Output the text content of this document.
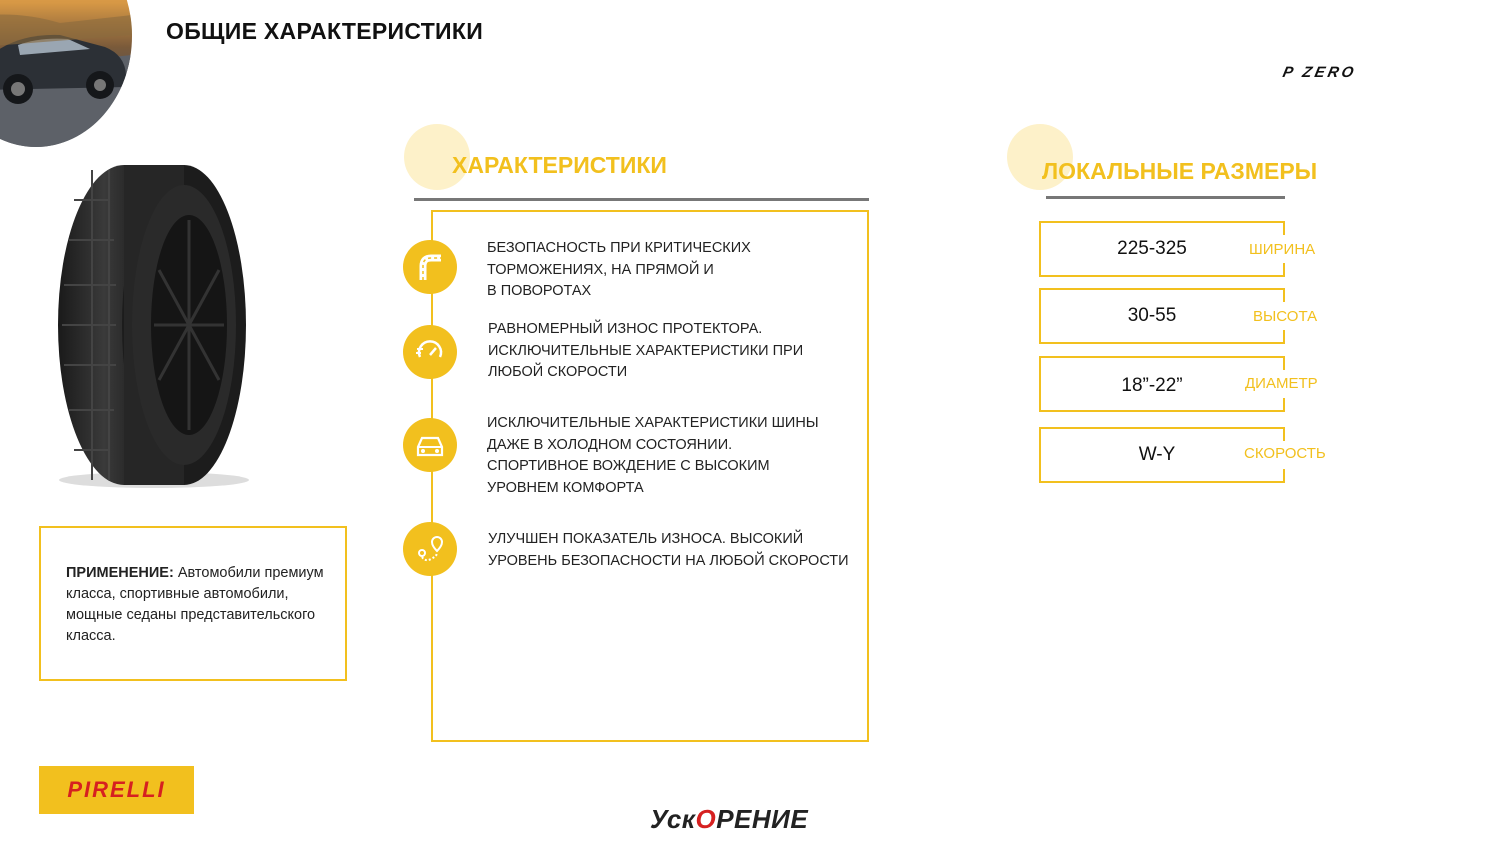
ОБЩИЕ ХАРАКТЕРИСТИКИ
P ZERO
ПРИМЕНЕНИЕ: Автомобили премиум класса, спортивные автомобили, мощные седаны представительского класса.
ХАРАКТЕРИСТИКИ
БЕЗОПАСНОСТЬ ПРИ КРИТИЧЕСКИХ
ТОРМОЖЕНИЯХ, НА ПРЯМОЙ И
В ПОВОРОТАХ
РАВНОМЕРНЫЙ ИЗНОС ПРОТЕКТОРА.
ИСКЛЮЧИТЕЛЬНЫЕ ХАРАКТЕРИСТИКИ ПРИ
ЛЮБОЙ СКОРОСТИ
ИСКЛЮЧИТЕЛЬНЫЕ ХАРАКТЕРИСТИКИ ШИНЫ
ДАЖЕ В ХОЛОДНОМ СОСТОЯНИИ.
СПОРТИВНОЕ ВОЖДЕНИЕ С ВЫСОКИМ
УРОВНЕМ КОМФОРТА
УЛУЧШЕН ПОКАЗАТЕЛЬ ИЗНОСА. ВЫСОКИЙ
УРОВЕНЬ БЕЗОПАСНОСТИ НА ЛЮБОЙ СКОРОСТИ
ЛОКАЛЬНЫЕ РАЗМЕРЫ
225-325	ШИРИНА
30-55	ВЫСОТА
18”-22”	ДИАМЕТР
W-Y	СКОРОСТЬ
PIRELLI
УскОРЕНИЕ
